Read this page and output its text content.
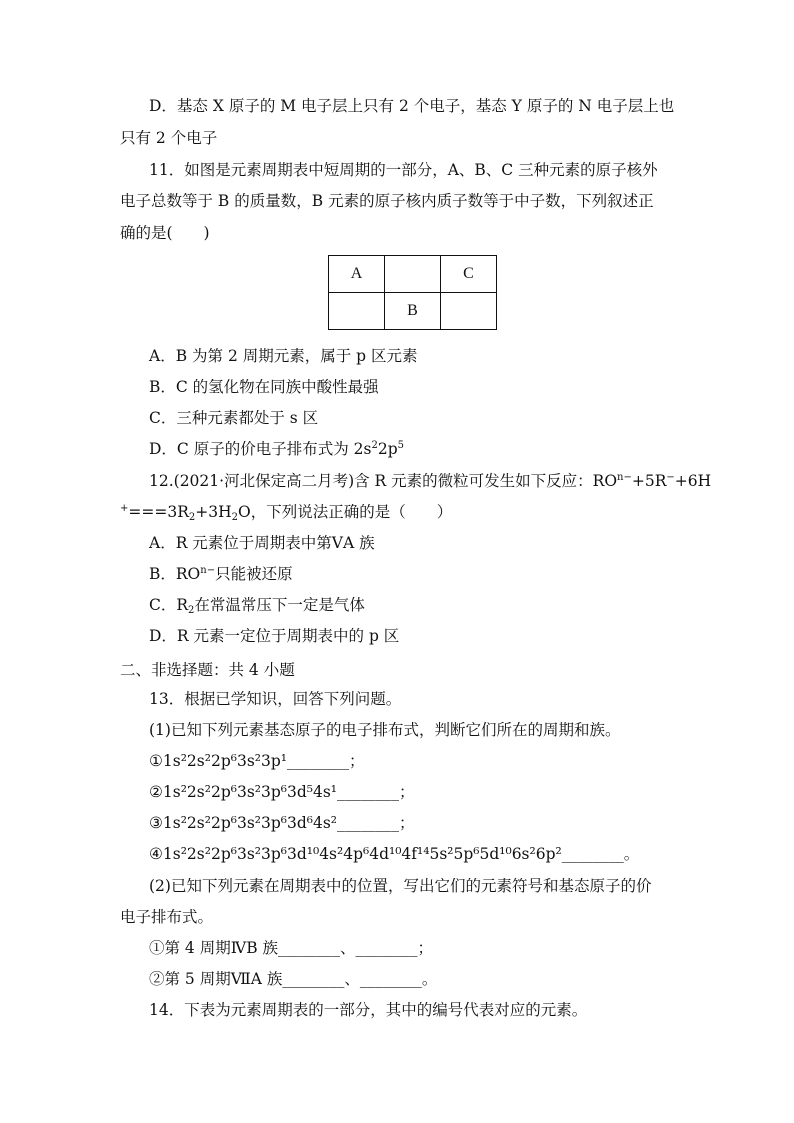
D．基态 X 原子的 M 电子层上只有 2 个电子，基态 Y 原子的 N 电子层上也
只有 2 个电子
11．如图是元素周期表中短周期的一部分，A、B、C 三种元素的原子核外
电子总数等于 B 的质量数，B 元素的原子核内质子数等于中子数，下列叙述正
确的是(　　)
A		C
	B	
A．B 为第 2 周期元素，属于 p 区元素
B．C 的氢化物在同族中酸性最强
C．三种元素都处于 s 区
D．C 原子的价电子排布式为 $2s^22p^5$
12.(2021·河北保定高二月考)含 R 元素的微粒可发生如下反应：$RO^{n-}+5R^-+6H$
$^+===3R_2+3H_2O$，下列说法正确的是（　　）
A．R 元素位于周期表中第ⅤA 族
B．$RO^{n-}$只能被还原
C．$R_2$在常温常压下一定是气体
D．R 元素一定位于周期表中的 p 区
二、非选择题：共 4 小题
13．根据已学知识，回答下列问题。
(1)已知下列元素基态原子的电子排布式，判断它们所在的周期和族。
①1s²2s²2p⁶3s²3p¹________；
②1s²2s²2p⁶3s²3p⁶3d⁵4s¹________；
③1s²2s²2p⁶3s²3p⁶3d⁶4s²________；
④1s²2s²2p⁶3s²3p⁶3d¹⁰4s²4p⁶4d¹⁰4f¹⁴5s²5p⁶5d¹⁰6s²6p²________。
(2)已知下列元素在周期表中的位置，写出它们的元素符号和基态原子的价
电子排布式。
①第 4 周期ⅣB 族________、________；
②第 5 周期ⅦA 族________、________。
14．下表为元素周期表的一部分，其中的编号代表对应的元素。
